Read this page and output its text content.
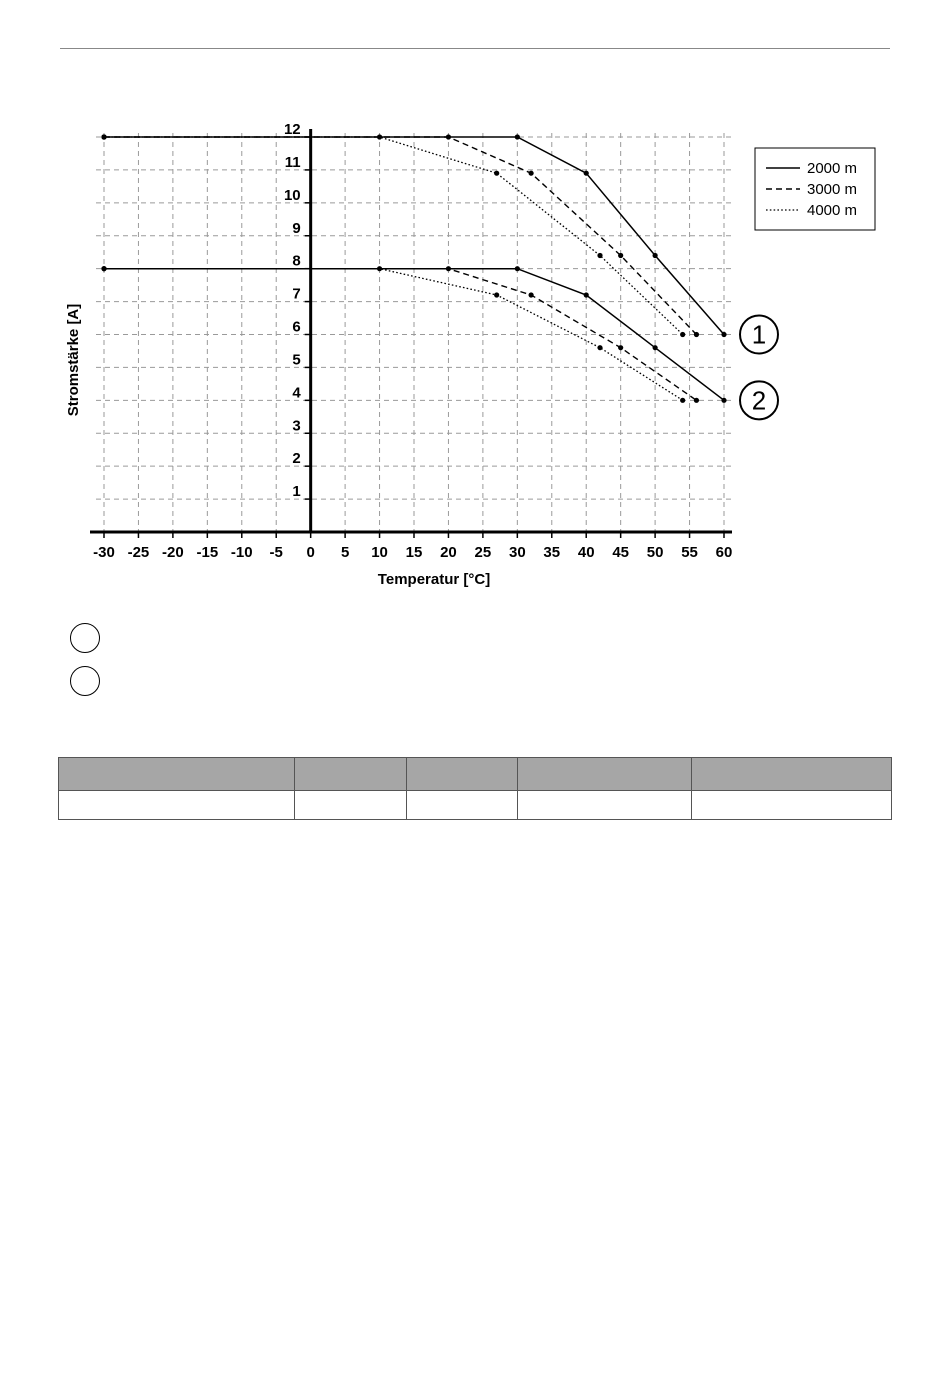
-30 -25 -20 -15 -10 -5 0 5 10 15 20 25 30 35 40 45 50 55 60
1
2
3
4
5
6
7
8
9
10
11
12
1
2
Temperatur [°C]
Stromstärke [A]
2000 m
3000 m
4000 m
